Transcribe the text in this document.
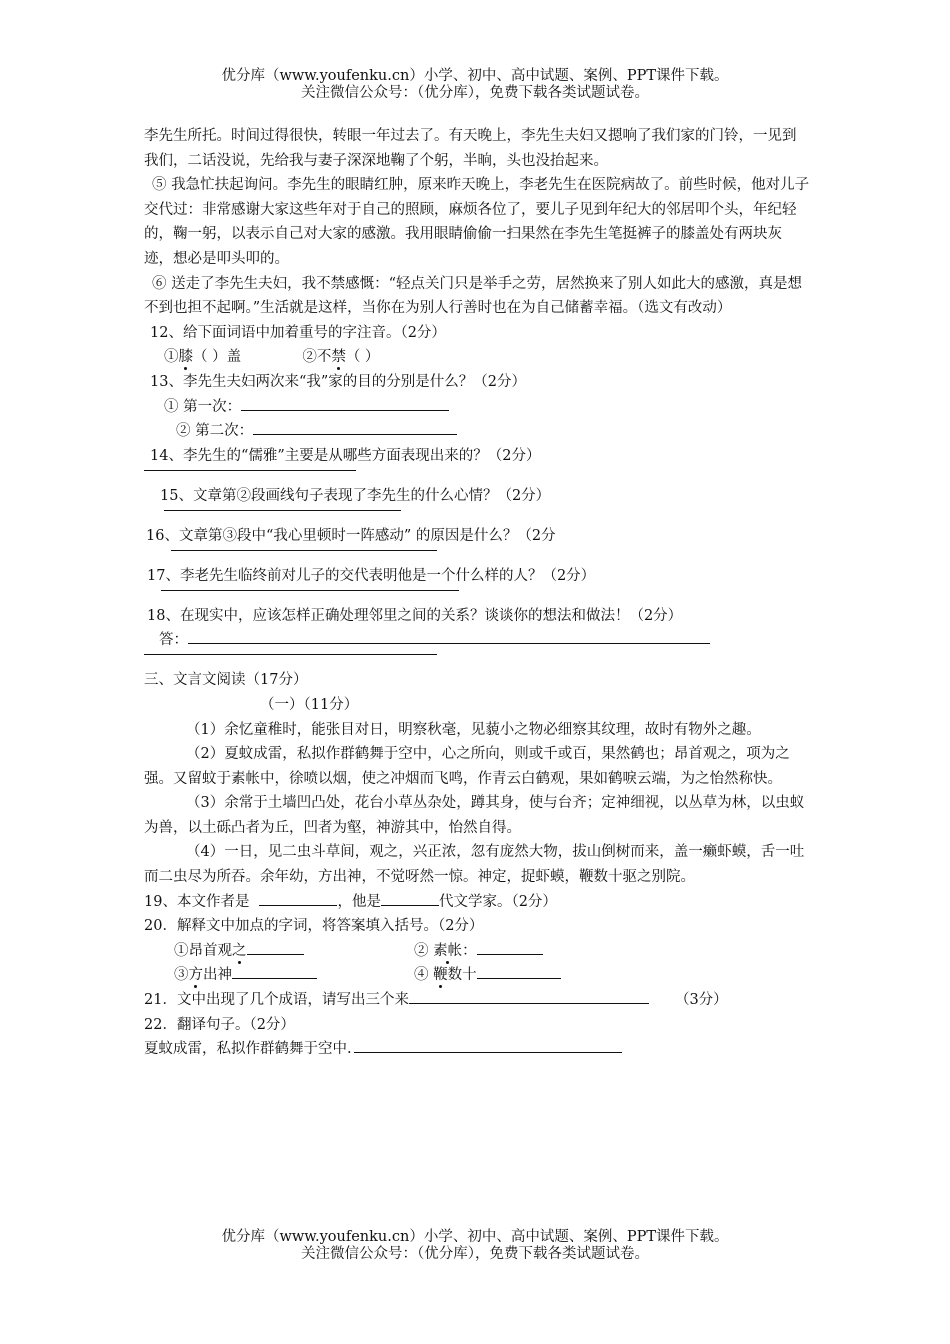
优分库（www.youfenku.cn）小学、初中、高中试题、案例、PPT课件下载。
关注微信公众号：（优分库），免费下载各类试题试卷。

李先生所托。时间过得很快，转眼一年过去了。有天晚上，李先生夫妇又摁响了我们家的门铃，一见到我们，二话没说，先给我与妻子深深地鞠了个躬，半晌，头也没抬起来。

⑤ 我急忙扶起询问。李先生的眼睛红肿，原来昨天晚上，李老先生在医院病故了。前些时候，他对儿子交代过：非常感谢大家这些年对于自己的照顾，麻烦各位了，要儿子见到年纪大的邻居叩个头，年纪轻的，鞠一躬，以表示自己对大家的感激。我用眼睛偷偷一扫果然在李先生笔挺裤子的膝盖处有两块灰迹，想必是叩头叩的。

⑥ 送走了李先生夫妇，我不禁感慨：“轻点关门只是举手之劳，居然换来了别人如此大的感激，真是想不到也担不起啊。”生活就是这样，当你在为别人行善时也在为自己储蓄幸福。（选文有改动）

12、给下面词语中加着重号的字注音。（2分）
①膝（ ）盖	②不禁（ ）
13、李先生夫妇两次来“我”家的目的分别是什么？（2分）
① 第一次：
② 第二次：
14、李先生的“儒雅”主要是从哪些方面表现出来的？（2分）
15、文章第②段画线句子表现了李先生的什么心情？（2分）
16、文章第③段中“我心里顿时一阵感动” 的原因是什么？（2分
17、李老先生临终前对儿子的交代表明他是一个什么样的人？（2分）
18、在现实中，应该怎样正确处理邻里之间的关系？谈谈你的想法和做法！（2分）
答：
三、文言文阅读（17分）
（一）（11分）

（1）余忆童稚时，能张目对日，明察秋毫，见藐小之物必细察其纹理，故时有物外之趣。

（2）夏蚊成雷，私拟作群鹤舞于空中，心之所向，则或千或百，果然鹤也；昂首观之，项为之强。又留蚊于素帐中，徐喷以烟，使之冲烟而飞鸣，作青云白鹤观，果如鹤唳云端，为之怡然称快。

（3）余常于土墙凹凸处，花台小草丛杂处，蹲其身，使与台齐；定神细视，以丛草为林，以虫蚁为兽，以土砾凸者为丘，凹者为壑，神游其中，怡然自得。

（4）一日，见二虫斗草间，观之，兴正浓，忽有庞然大物，拔山倒树而来，盖一癞虾蟆，舌一吐而二虫尽为所吞。余年幼，方出神，不觉呀然一惊。神定，捉虾蟆，鞭数十驱之别院。

19、本文作者是	，他是	代文学家。（2分）
20．解释文中加点的字词，将答案填入括号。（2分）
①昂首观之	② 素帐：
③方出神	④ 鞭数十
21．文中出现了几个成语，请写出三个来	（3分）
22．翻译句子。（2分）
夏蚊成雷，私拟作群鹤舞于空中.
优分库（www.youfenku.cn）小学、初中、高中试题、案例、PPT课件下载。
关注微信公众号：（优分库），免费下载各类试题试卷。
